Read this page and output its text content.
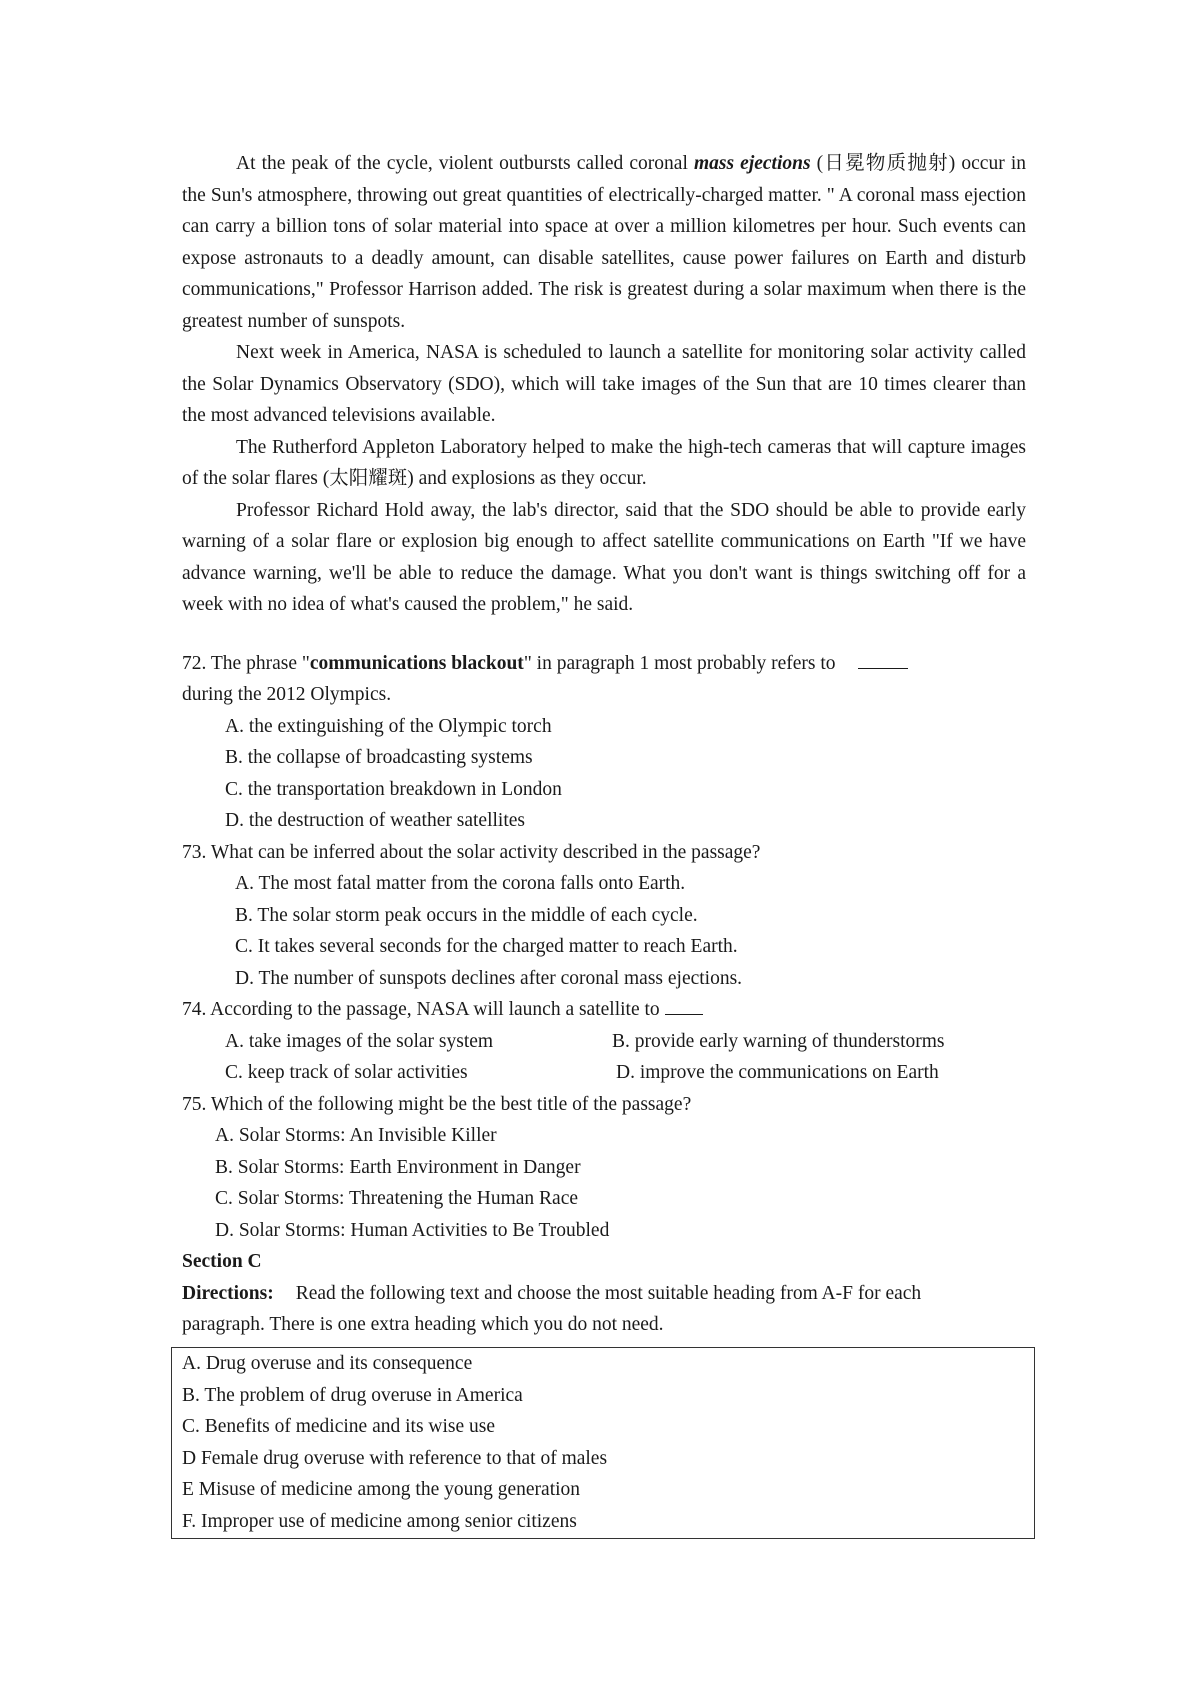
At the peak of the cycle, violent outbursts called coronal mass ejections (日冕物质抛射) occur in the Sun's atmosphere, throwing out great quantities of electrically-charged matter. " A coronal mass ejection can carry a billion tons of solar material into space at over a million kilometres per hour. Such events can expose astronauts to a deadly amount, can disable satellites, cause power failures on Earth and disturb communications," Professor Harrison added. The risk is greatest during a solar maximum when there is the greatest number of sunspots.

Next week in America, NASA is scheduled to launch a satellite for monitoring solar activity called the Solar Dynamics Observatory (SDO), which will take images of the Sun that are 10 times clearer than the most advanced televisions available.

The Rutherford Appleton Laboratory helped to make the high-tech cameras that will capture images of the solar flares (太阳耀斑) and explosions as they occur.

Professor Richard Hold away, the lab's director, said that the SDO should be able to provide early warning of a solar flare or explosion big enough to affect satellite communications on Earth "If we have advance warning, we'll be able to reduce the damage. What you don't want is things switching off for a week with no idea of what's caused the problem," he said.

72. The phrase "communications blackout" in paragraph 1 most probably refers to

during the 2012 Olympics.

A. the extinguishing of the Olympic torch

B. the collapse of broadcasting systems

C. the transportation breakdown in London

D. the destruction of weather satellites

73. What can be inferred about the solar activity described in the passage?

A. The most fatal matter from the corona falls onto Earth.

B. The solar storm peak occurs in the middle of each cycle.

C. It takes several seconds for the charged matter to reach Earth.

D. The number of sunspots declines after coronal mass ejections.

74. According to the passage, NASA will launch a satellite to

A. take images of the solar system	B. provide early warning of thunderstorms

C. keep track of solar activities	D. improve the communications on Earth

75. Which of the following might be the best title of the passage?

A. Solar Storms: An Invisible Killer

B. Solar Storms: Earth Environment in Danger

C. Solar Storms: Threatening the Human Race

D. Solar Storms: Human Activities to Be Troubled

Section C

Directions: Read the following text and choose the most suitable heading from A-F for each

paragraph. There is one extra heading which you do not need.

A. Drug overuse and its consequence

B. The problem of drug overuse in America

C. Benefits of medicine and its wise use

D Female drug overuse with reference to that of males

E Misuse of medicine among the young generation

F. Improper use of medicine among senior citizens
